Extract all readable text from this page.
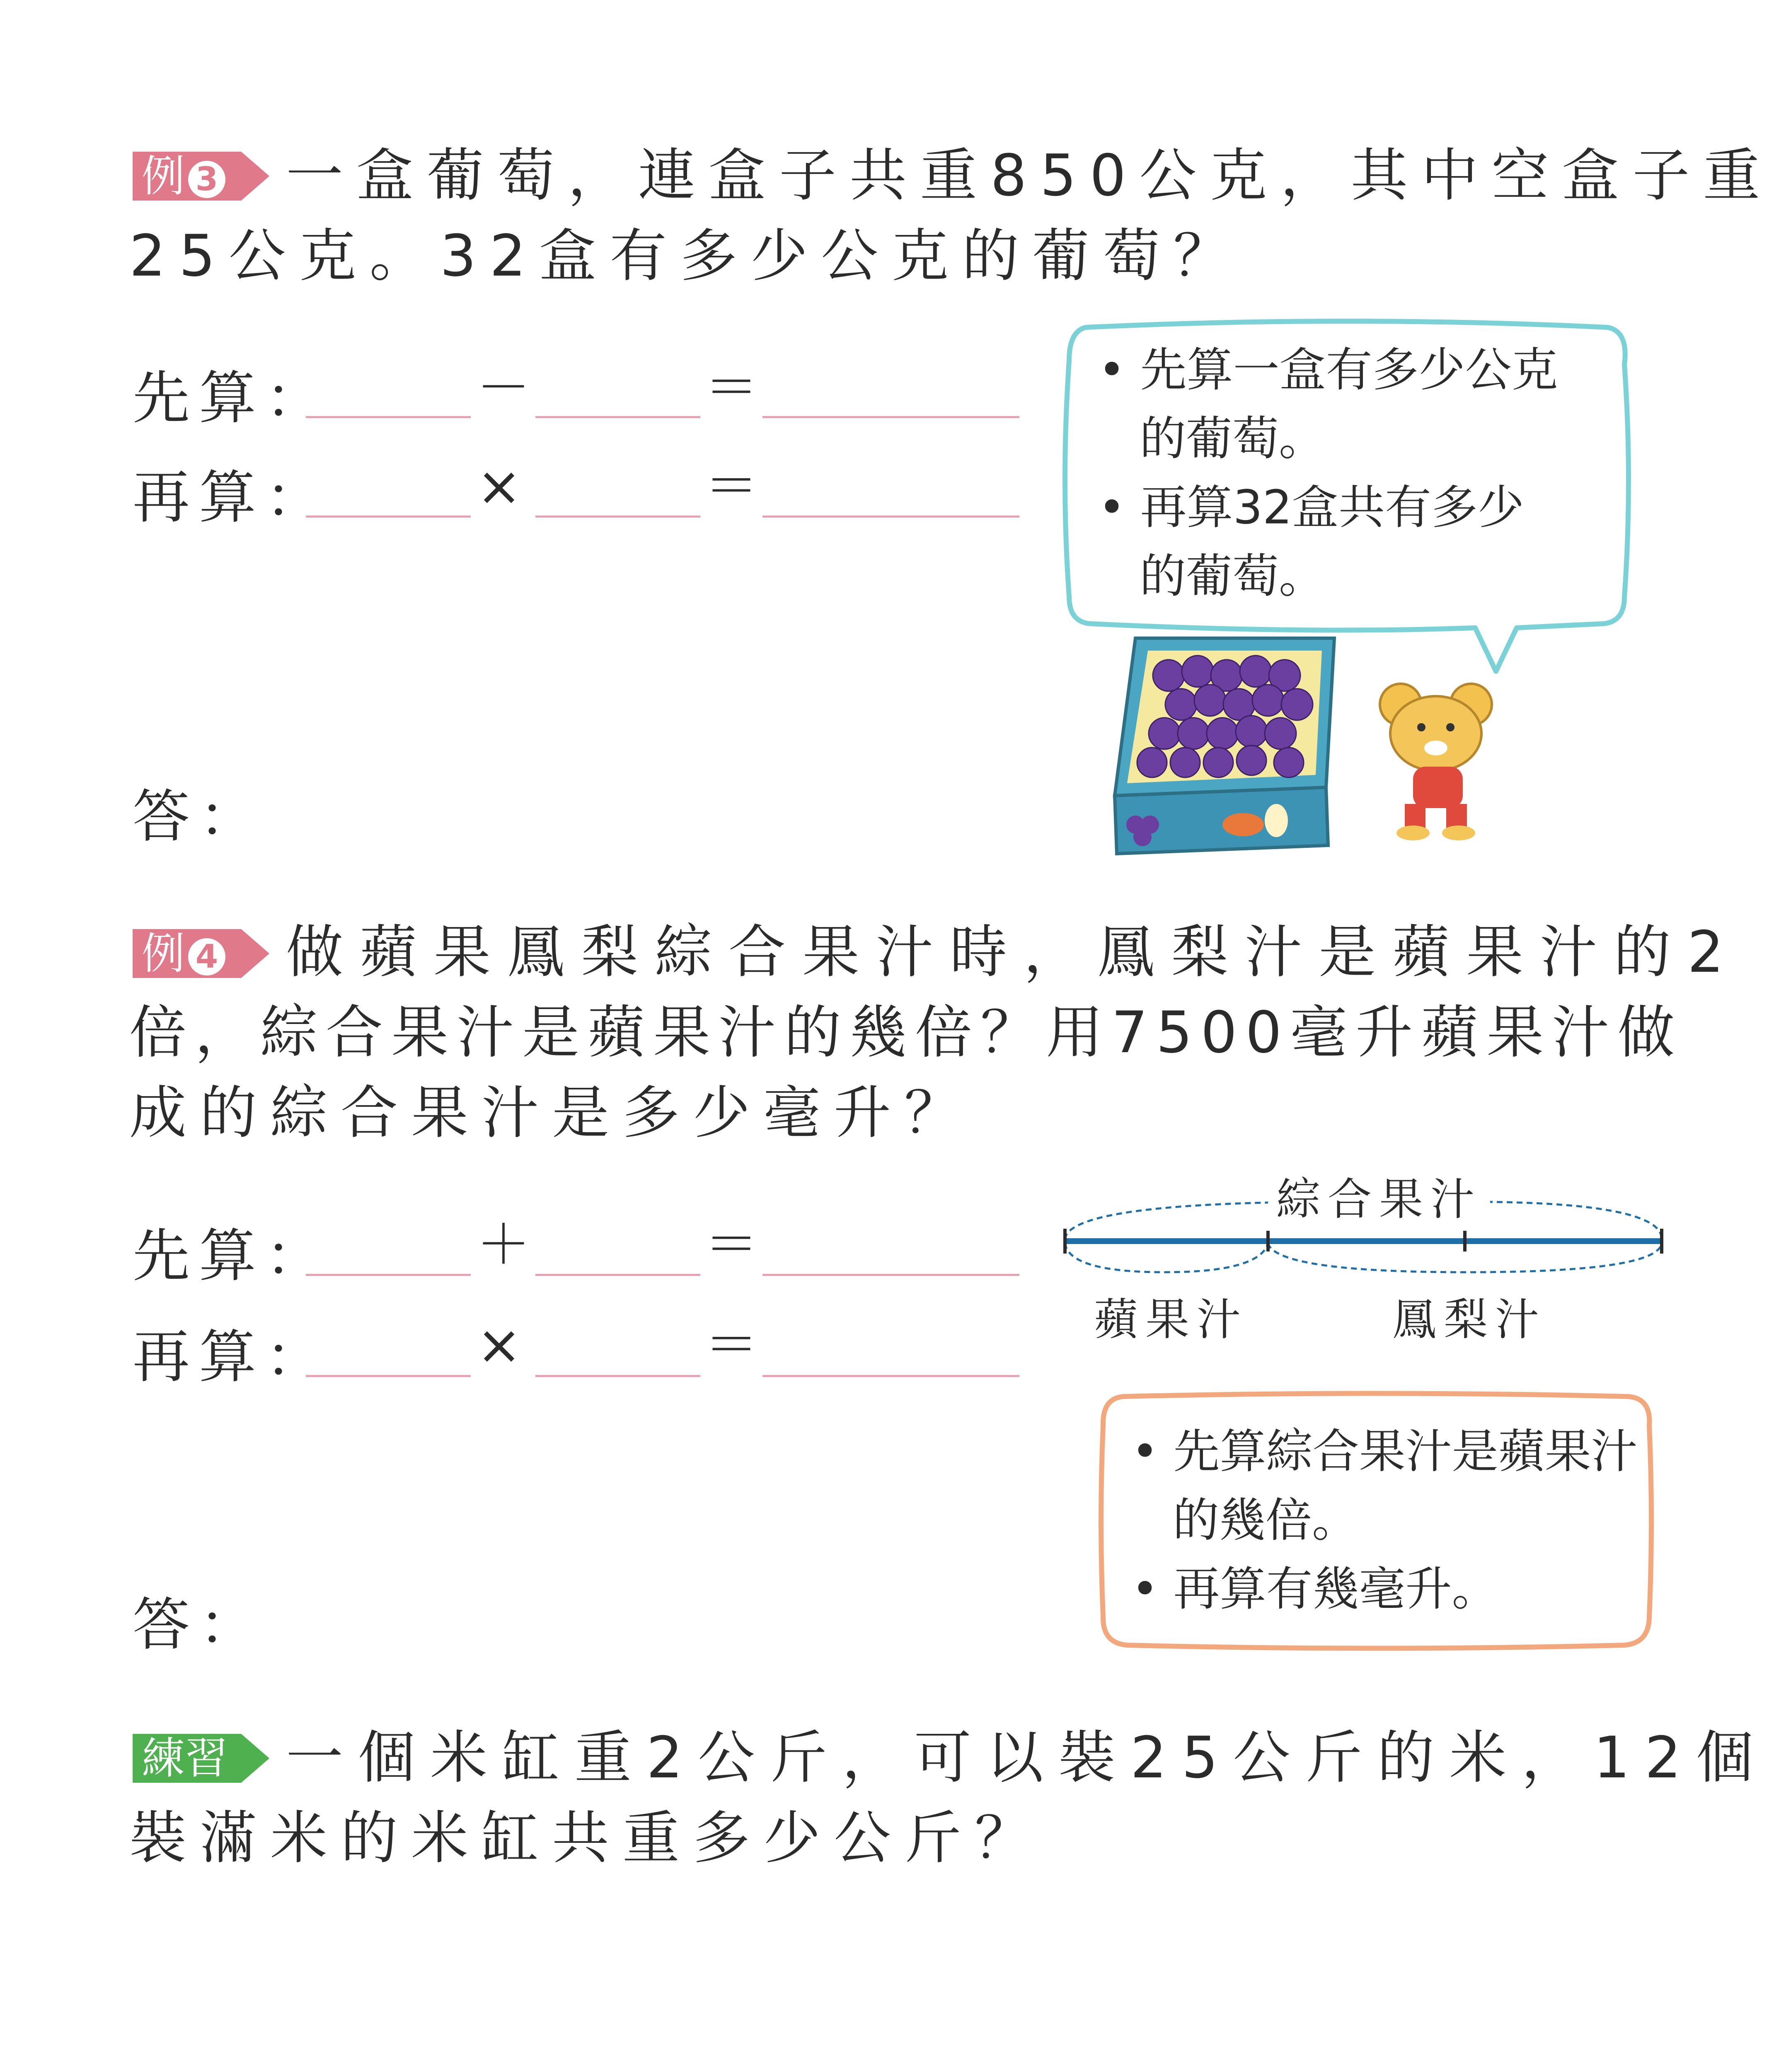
例 3	一盒葡萄，連盒子共重850公克，其中空盒子重
25公克。32盒有多少公克的葡萄？
先算：	－	＝
再算：	×	＝
答：
• 先算一盒有多少公克
的葡萄。
• 再算32盒共有多少
的葡萄。
例 4	做蘋果鳳梨綜合果汁時，鳳梨汁是蘋果汁的2
倍，綜合果汁是蘋果汁的幾倍？用7500毫升蘋果汁做
成的綜合果汁是多少毫升？
先算：	＋	＝
再算：	×	＝
答：
綜合果汁
蘋果汁	鳳梨汁
• 先算綜合果汁是蘋果汁
的幾倍。
• 再算有幾毫升。
練習 一個米缸重2公斤，可以裝25公斤的米，12個
裝滿米的米缸共重多少公斤？
